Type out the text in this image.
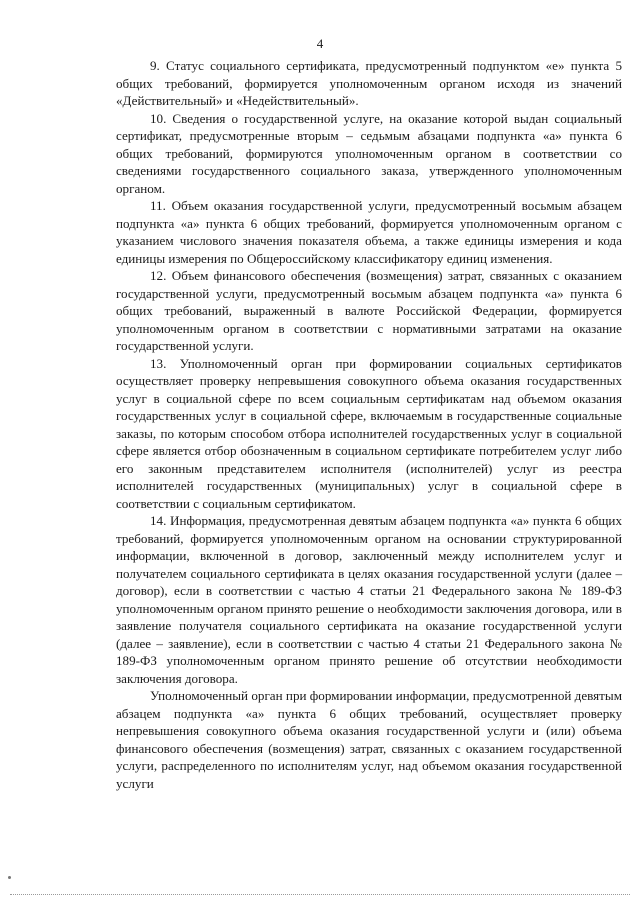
4

9. Статус социального сертификата, предусмотренный подпунктом «е» пункта 5 общих требований, формируется уполномоченным органом исходя из значений «Действительный» и «Недействительный».

10. Сведения о государственной услуге, на оказание которой выдан социальный сертификат, предусмотренные вторым – седьмым абзацами подпункта «а» пункта 6 общих требований, формируются уполномоченным органом в соответствии со сведениями государственного социального заказа, утвержденного уполномоченным органом.

11. Объем оказания государственной услуги, предусмотренный восьмым абзацем подпункта «а» пункта 6 общих требований, формируется уполномоченным органом с указанием числового значения показателя объема, а также единицы измерения и кода единицы измерения по Общероссийскому классификатору единиц изменения.

12. Объем финансового обеспечения (возмещения) затрат, связанных с оказанием государственной услуги, предусмотренный восьмым абзацем подпункта «а» пункта 6 общих требований, выраженный в валюте Российской Федерации, формируется уполномоченным органом в соответствии с нормативными затратами на оказание государственной услуги.

13. Уполномоченный орган при формировании социальных сертификатов осуществляет проверку непревышения совокупного объема оказания государственных услуг в социальной сфере по всем социальным сертификатам над объемом оказания государственных услуг в социальной сфере, включаемым в государственные социальные заказы, по которым способом отбора исполнителей государственных услуг в социальной сфере является отбор обозначенным в социальном сертификате потребителем услуг либо его законным представителем исполнителя (исполнителей) услуг из реестра исполнителей государственных (муниципальных) услуг в социальной сфере в соответствии с социальным сертификатом.

14. Информация, предусмотренная девятым абзацем подпункта «а» пункта 6 общих требований, формируется уполномоченным органом на основании структурированной информации, включенной в договор, заключенный между исполнителем услуг и получателем социального сертификата в целях оказания государственной услуги (далее – договор), если в соответствии с частью 4 статьи 21 Федерального закона № 189-ФЗ уполномоченным органом принято решение о необходимости заключения договора, или в заявление получателя социального сертификата на оказание государственной услуги (далее – заявление), если в соответствии с частью 4 статьи 21 Федерального закона № 189-ФЗ уполномоченным органом принято решение об отсутствии необходимости заключения договора.

Уполномоченный орган при формировании информации, предусмотренной девятым абзацем подпункта «а» пункта 6 общих требований, осуществляет проверку непревышения совокупного объема оказания государственной услуги и (или) объема финансового обеспечения (возмещения) затрат, связанных с оказанием государственной услуги, распределенного по исполнителям услуг, над объемом оказания государственной услуги
